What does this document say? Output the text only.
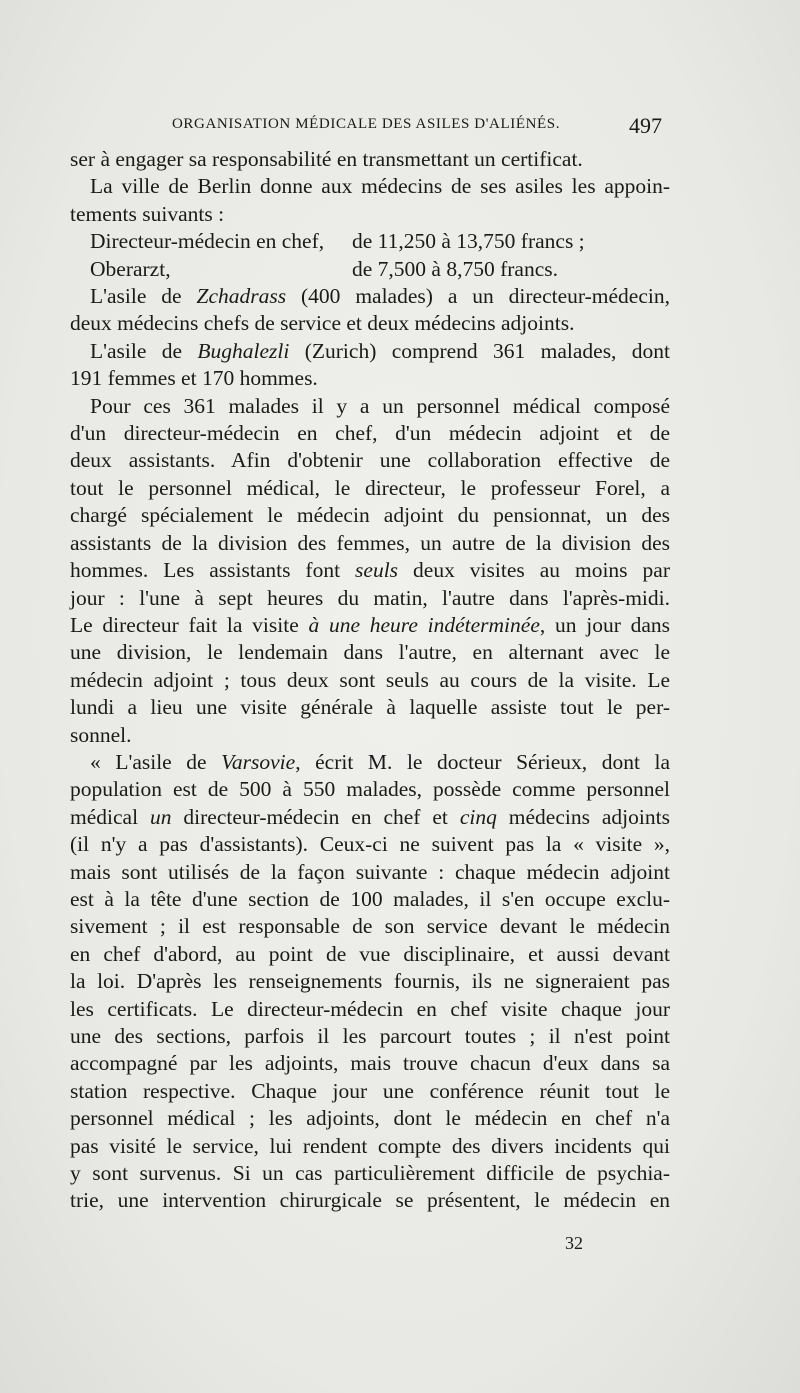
ORGANISATION MÉDICALE DES ASILES D'ALIÉNÉS.	497

ser à engager sa responsabilité en transmettant un certificat.

La ville de Berlin donne aux médecins de ses asiles les appoin-
tements suivants :

Directeur-médecin en chef, de 11,250 à 13,750 francs ;
Oberarzt,	de 7,500 à 8,750 francs.

L'asile de Zchadrass (400 malades) a un directeur-médecin,
deux médecins chefs de service et deux médecins adjoints.

L'asile de Bughalezli (Zurich) comprend 361 malades, dont
191 femmes et 170 hommes.

Pour ces 361 malades il y a un personnel médical composé
d'un directeur-médecin en chef, d'un médecin adjoint et de
deux assistants. Afin d'obtenir une collaboration effective de
tout le personnel médical, le directeur, le professeur Forel, a
chargé spécialement le médecin adjoint du pensionnat, un des
assistants de la division des femmes, un autre de la division des
hommes. Les assistants font seuls deux visites au moins par
jour : l'une à sept heures du matin, l'autre dans l'après-midi.
Le directeur fait la visite à une heure indéterminée, un jour dans
une division, le lendemain dans l'autre, en alternant avec le
médecin adjoint ; tous deux sont seuls au cours de la visite. Le
lundi a lieu une visite générale à laquelle assiste tout le per-
sonnel.

« L'asile de Varsovie, écrit M. le docteur Sérieux, dont la
population est de 500 à 550 malades, possède comme personnel
médical un directeur-médecin en chef et cinq médecins adjoints
(il n'y a pas d'assistants). Ceux-ci ne suivent pas la « visite »,
mais sont utilisés de la façon suivante : chaque médecin adjoint
est à la tête d'une section de 100 malades, il s'en occupe exclu-
sivement ; il est responsable de son service devant le médecin
en chef d'abord, au point de vue disciplinaire, et aussi devant
la loi. D'après les renseignements fournis, ils ne signeraient pas
les certificats. Le directeur-médecin en chef visite chaque jour
une des sections, parfois il les parcourt toutes ; il n'est point
accompagné par les adjoints, mais trouve chacun d'eux dans sa
station respective. Chaque jour une conférence réunit tout le
personnel médical ; les adjoints, dont le médecin en chef n'a
pas visité le service, lui rendent compte des divers incidents qui
y sont survenus. Si un cas particulièrement difficile de psychia-
trie, une intervention chirurgicale se présentent, le médecin en

32
